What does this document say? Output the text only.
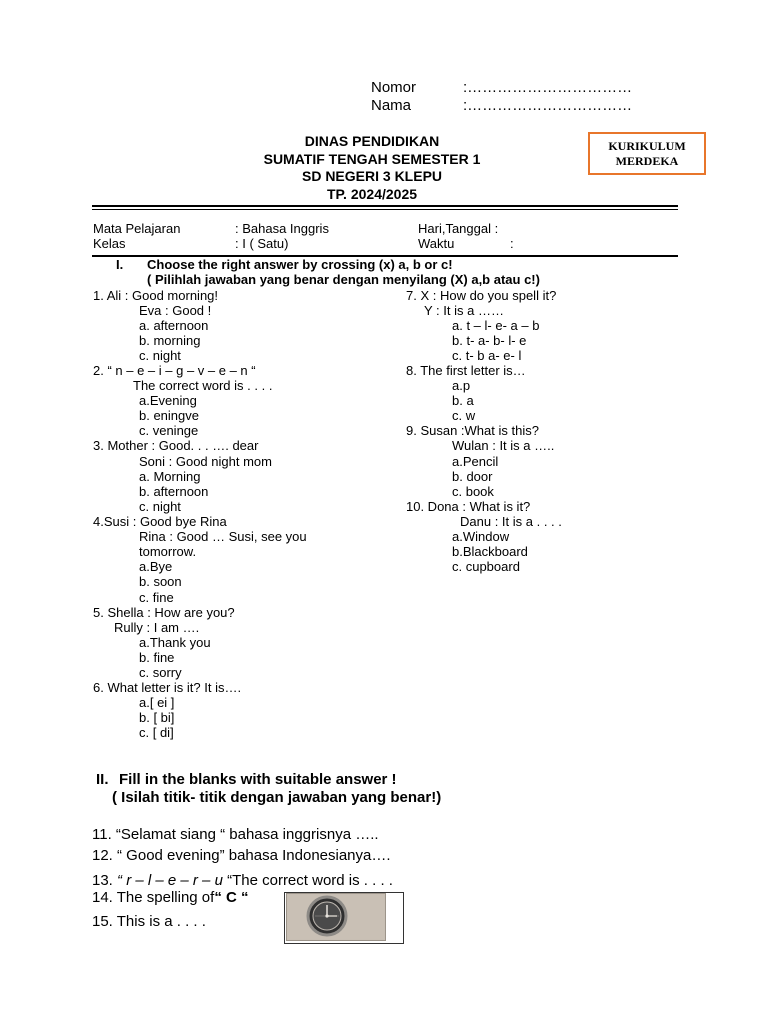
Nomor	:……………………………
Nama	:……………………………
DINAS PENDIDIKAN
SUMATIF TENGAH SEMESTER 1
SD NEGERI 3 KLEPU
TP. 2024/2025
KURIKULUM
MERDEKA
Mata Pelajaran	: Bahasa Inggris	Hari,Tanggal :
Kelas	: I ( Satu)	Waktu	:
I. Choose the right answer by crossing (x) a, b or c!
( Pilihlah jawaban yang benar dengan menyilang (X) a,b atau c!)
1. Ali : Good morning!
Eva : Good !
a. afternoon
b. morning
c. night
2. “ n – e – i – g – v – e – n “
The correct word is . . . .
a.Evening
b. eningve
c. veninge
3. Mother : Good. . . …. dear
Soni : Good night mom
a. Morning
b. afternoon
c. night
4.Susi : Good bye Rina
Rina : Good … Susi, see you
tomorrow.
a.Bye
b. soon
c. fine
5. Shella : How are you?
Rully : I am ….
a.Thank you
b. fine
c. sorry
6. What letter is it? It is….
a.[ ei ]
b. [ bi]
c. [ di]
7. X : How do you spell it?
Y : It is a ……
a. t – l- e- a – b
b. t- a- b- l- e
c. t- b a- e- l
8. The first letter is…
a.p
b. a
c. w
9. Susan :What is this?
Wulan : It is a …..
a.Pencil
b. door
c. book
10. Dona : What is it?
Danu : It is a . . . .
a.Window
b.Blackboard
c. cupboard
II. Fill in the blanks with suitable answer !
( Isilah titik- titik dengan jawaban yang benar!)
11. “Selamat siang “ bahasa inggrisnya …..
12. “ Good evening” bahasa Indonesianya….
13. “ r – l – e – r – u “The correct word is . . . .
14. The spelling of“ C “
15. This is a . . . .
